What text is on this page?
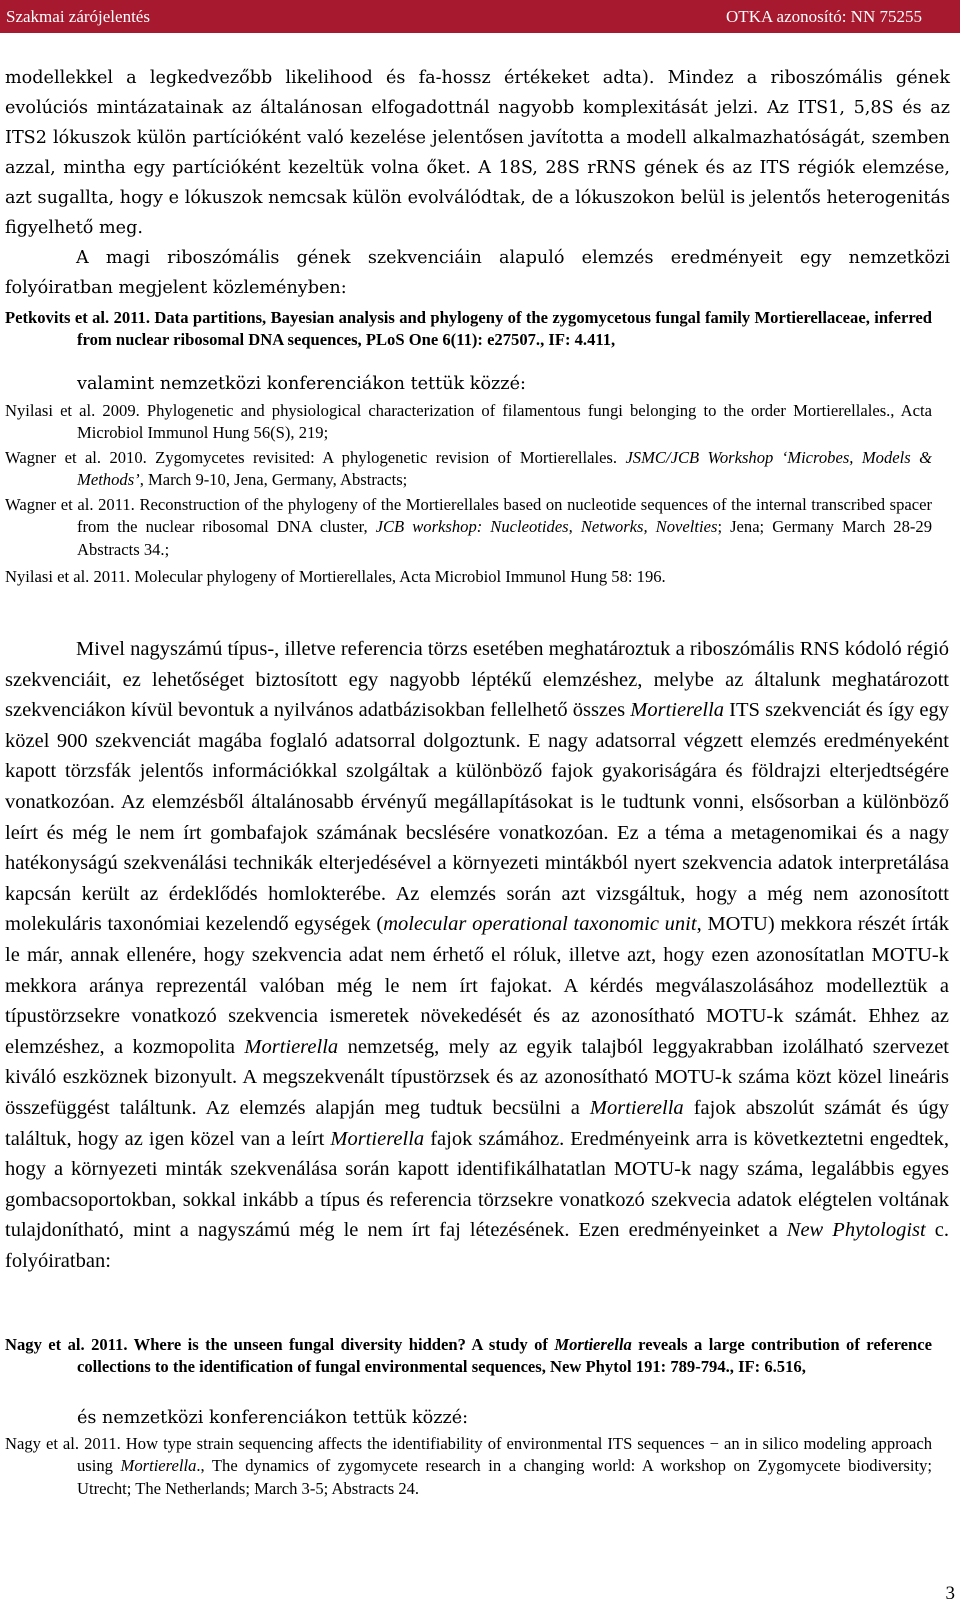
Szakmai zárójelentés	OTKA azonosító: NN 75255
modellekkel a legkedvezőbb likelihood és fa-hossz értékeket adta). Mindez a riboszómális gének evolúciós mintázatainak az általánosan elfogadottnál nagyobb komplexitását jelzi. Az ITS1, 5,8S és az ITS2 lókuszok külön partícióként való kezelése jelentősen javította a modell alkalmazhatóságát, szemben azzal, mintha egy partícióként kezeltük volna őket. A 18S, 28S rRNS gének és az ITS régiók elemzése, azt sugallta, hogy e lókuszok nemcsak külön evolválódtak, de a lókuszokon belül is jelentős heterogenitás figyelhető meg.
A magi riboszómális gének szekvenciáin alapuló elemzés eredményeit egy nemzetközi folyóiratban megjelent közleményben:
Petkovits et al. 2011. Data partitions, Bayesian analysis and phylogeny of the zygomycetous fungal family Mortierellaceae, inferred from nuclear ribosomal DNA sequences, PLoS One 6(11): e27507., IF: 4.411,
valamint nemzetközi konferenciákon tettük közzé:
Nyilasi et al. 2009. Phylogenetic and physiological characterization of filamentous fungi belonging to the order Mortierellales., Acta Microbiol Immunol Hung 56(S), 219;
Wagner et al. 2010. Zygomycetes revisited: A phylogenetic revision of Mortierellales. JSMC/JCB Workshop ‘Microbes, Models & Methods’, March 9-10, Jena, Germany, Abstracts;
Wagner et al. 2011. Reconstruction of the phylogeny of the Mortierellales based on nucleotide sequences of the internal transcribed spacer from the nuclear ribosomal DNA cluster, JCB workshop: Nucleotides, Networks, Novelties; Jena; Germany March 28-29 Abstracts 34.;
Nyilasi et al. 2011. Molecular phylogeny of Mortierellales, Acta Microbiol Immunol Hung 58: 196.
Mivel nagyszámú típus-, illetve referencia törzs esetében meghatároztuk a riboszómális RNS kódoló régió szekvenciáit, ez lehetőséget biztosított egy nagyobb léptékű elemzéshez, melybe az általunk meghatározott szekvenciákon kívül bevontuk a nyilvános adatbázisokban fellelhető összes Mortierella ITS szekvenciát és így egy közel 900 szekvenciát magába foglaló adatsorral dolgoztunk. E nagy adatsorral végzett elemzés eredményeként kapott törzsfák jelentős információkkal szolgáltak a különböző fajok gyakoriságára és földrajzi elterjedtségére vonatkozóan. Az elemzésből általánosabb érvényű megállapításokat is le tudtunk vonni, elsősorban a különböző leírt és még le nem írt gombafajok számának becslésére vonatkozóan. Ez a téma a metagenomikai és a nagy hatékonyságú szekvenálási technikák elterjedésével a környezeti mintákból nyert szekvencia adatok interpretálása kapcsán került az érdeklődés homlokterébe. Az elemzés során azt vizsgáltuk, hogy a még nem azonosított molekuláris taxonómiai kezelendő egységek (molecular operational taxonomic unit, MOTU) mekkora részét írták le már, annak ellenére, hogy szekvencia adat nem érhető el róluk, illetve azt, hogy ezen azonosítatlan MOTU-k mekkora aránya reprezentál valóban még le nem írt fajokat. A kérdés megválaszolásához modelleztük a típustörzsekre vonatkozó szekvencia ismeretek növekedését és az azonosítható MOTU-k számát. Ehhez az elemzéshez, a kozmopolita Mortierella nemzetség, mely az egyik talajból leggyakrabban izolálható szervezet kiváló eszköznek bizonyult. A megszekvenált típustörzsek és az azonosítható MOTU-k száma közt közel lineáris összefüggést találtunk. Az elemzés alapján meg tudtuk becsülni a Mortierella fajok abszolút számát és úgy találtuk, hogy az igen közel van a leírt Mortierella fajok számához. Eredményeink arra is következtetni engedtek, hogy a környezeti minták szekvenálása során kapott identifikálhatatlan MOTU-k nagy száma, legalábbis egyes gombacsoportokban, sokkal inkább a típus és referencia törzsekre vonatkozó szekvecia adatok elégtelen voltának tulajdonítható, mint a nagyszámú még le nem írt faj létezésének. Ezen eredményeinket a New Phytologist c. folyóiratban:
Nagy et al. 2011. Where is the unseen fungal diversity hidden? A study of Mortierella reveals a large contribution of reference collections to the identification of fungal environmental sequences, New Phytol 191: 789-794., IF: 6.516,
és nemzetközi konferenciákon tettük közzé:
Nagy et al. 2011. How type strain sequencing affects the identifiability of environmental ITS sequences − an in silico modeling approach using Mortierella., The dynamics of zygomycete research in a changing world: A workshop on Zygomycete biodiversity; Utrecht; The Netherlands; March 3-5; Abstracts 24.
3
